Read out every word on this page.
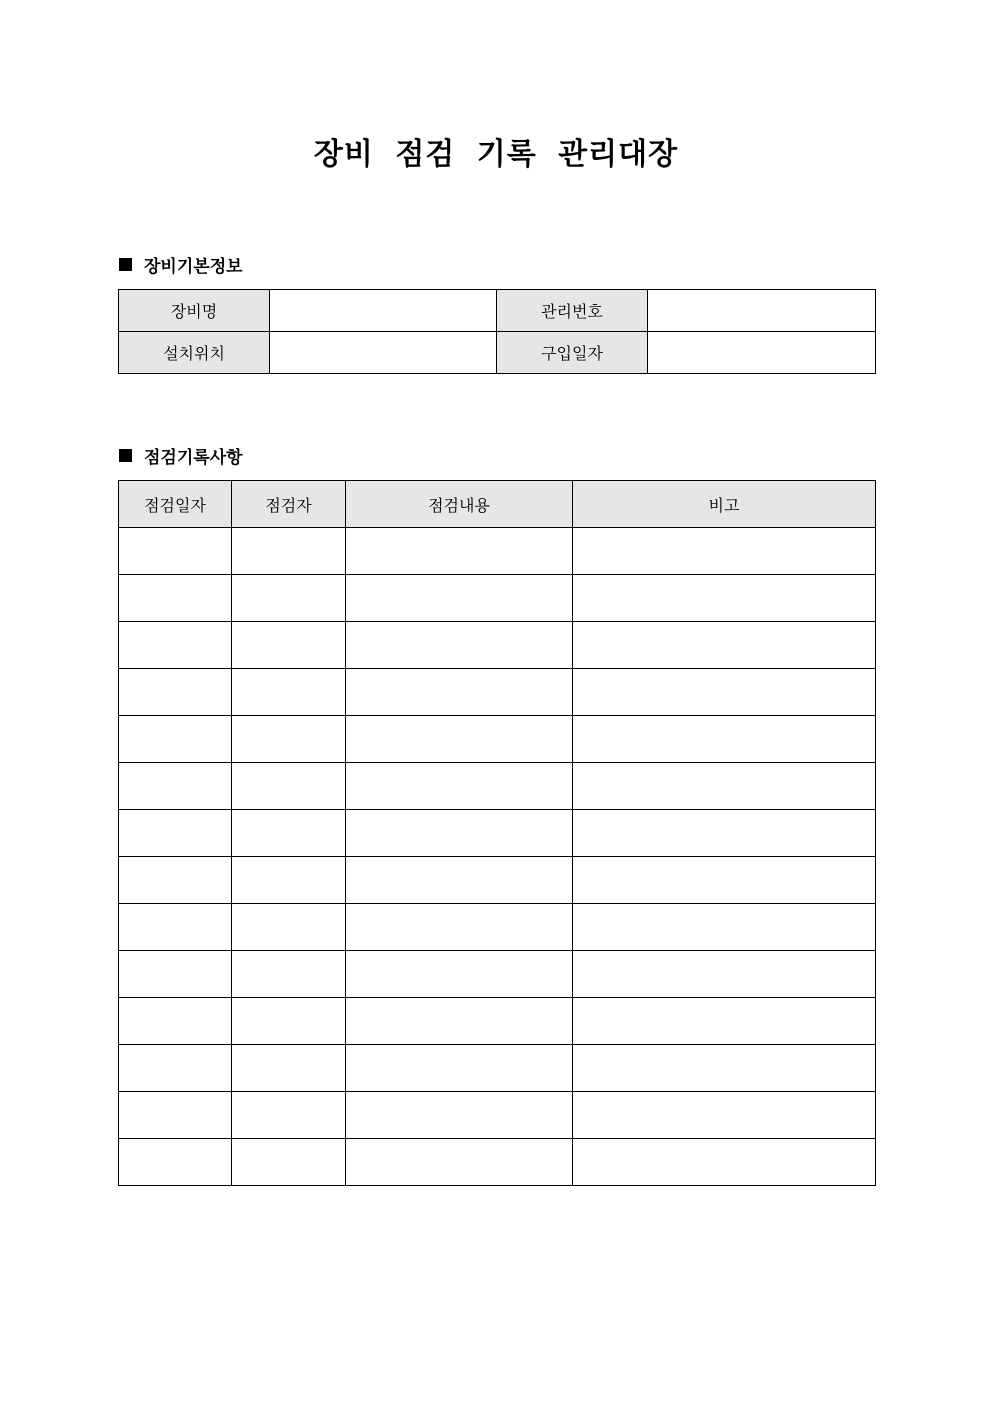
장비 점검 기록 관리대장
장비기본정보
장비명		관리번호	
설치위치		구입일자	
점검기록사항
점검일자	점검자	점검내용	비고
